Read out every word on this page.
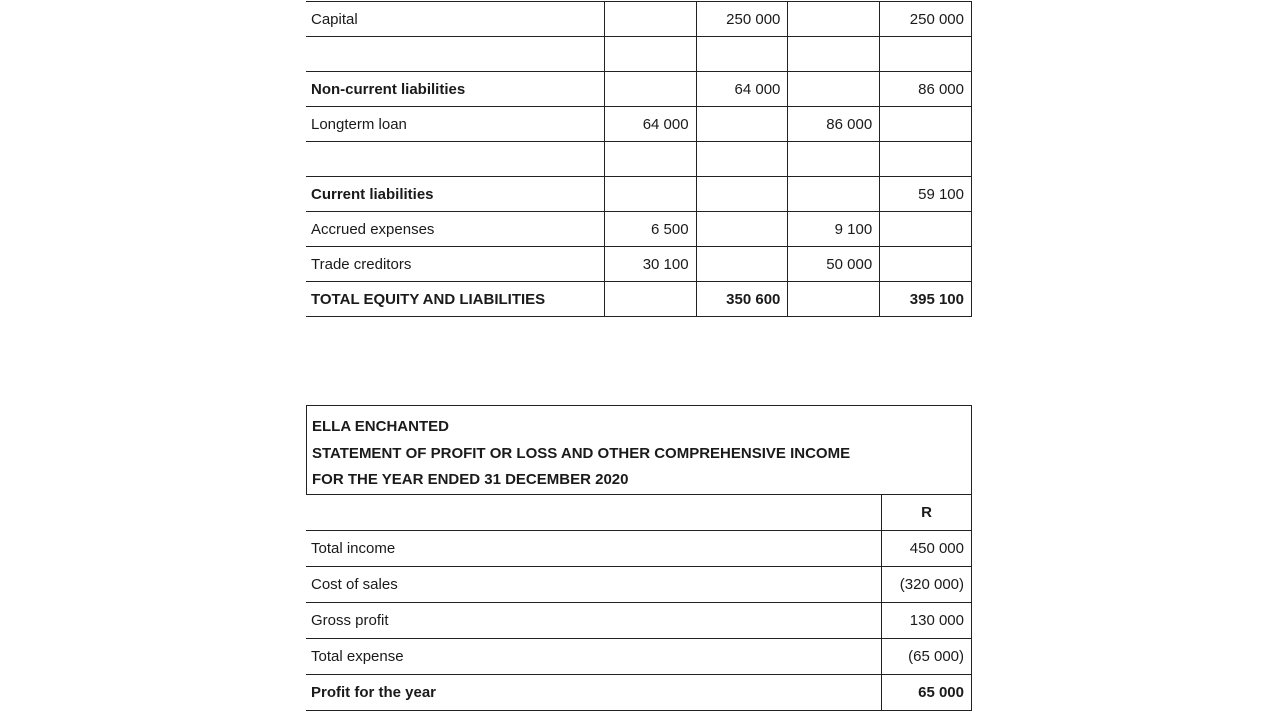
Capital		250 000		250 000

Non-current liabilities		64 000		86 000
Longterm loan	64 000		86 000	

Current liabilities				59 100
Accrued expenses	6 500		9 100	
Trade creditors	30 100		50 000	
TOTAL EQUITY AND LIABILITIES		350 600		395 100
ELLA ENCHANTED
STATEMENT OF PROFIT OR LOSS AND OTHER COMPREHENSIVE INCOME
FOR THE YEAR ENDED 31 DECEMBER 2020
	R
Total income	450 000
Cost of sales	(320 000)
Gross profit	130 000
Total expense	(65 000)
Profit for the year	65 000
